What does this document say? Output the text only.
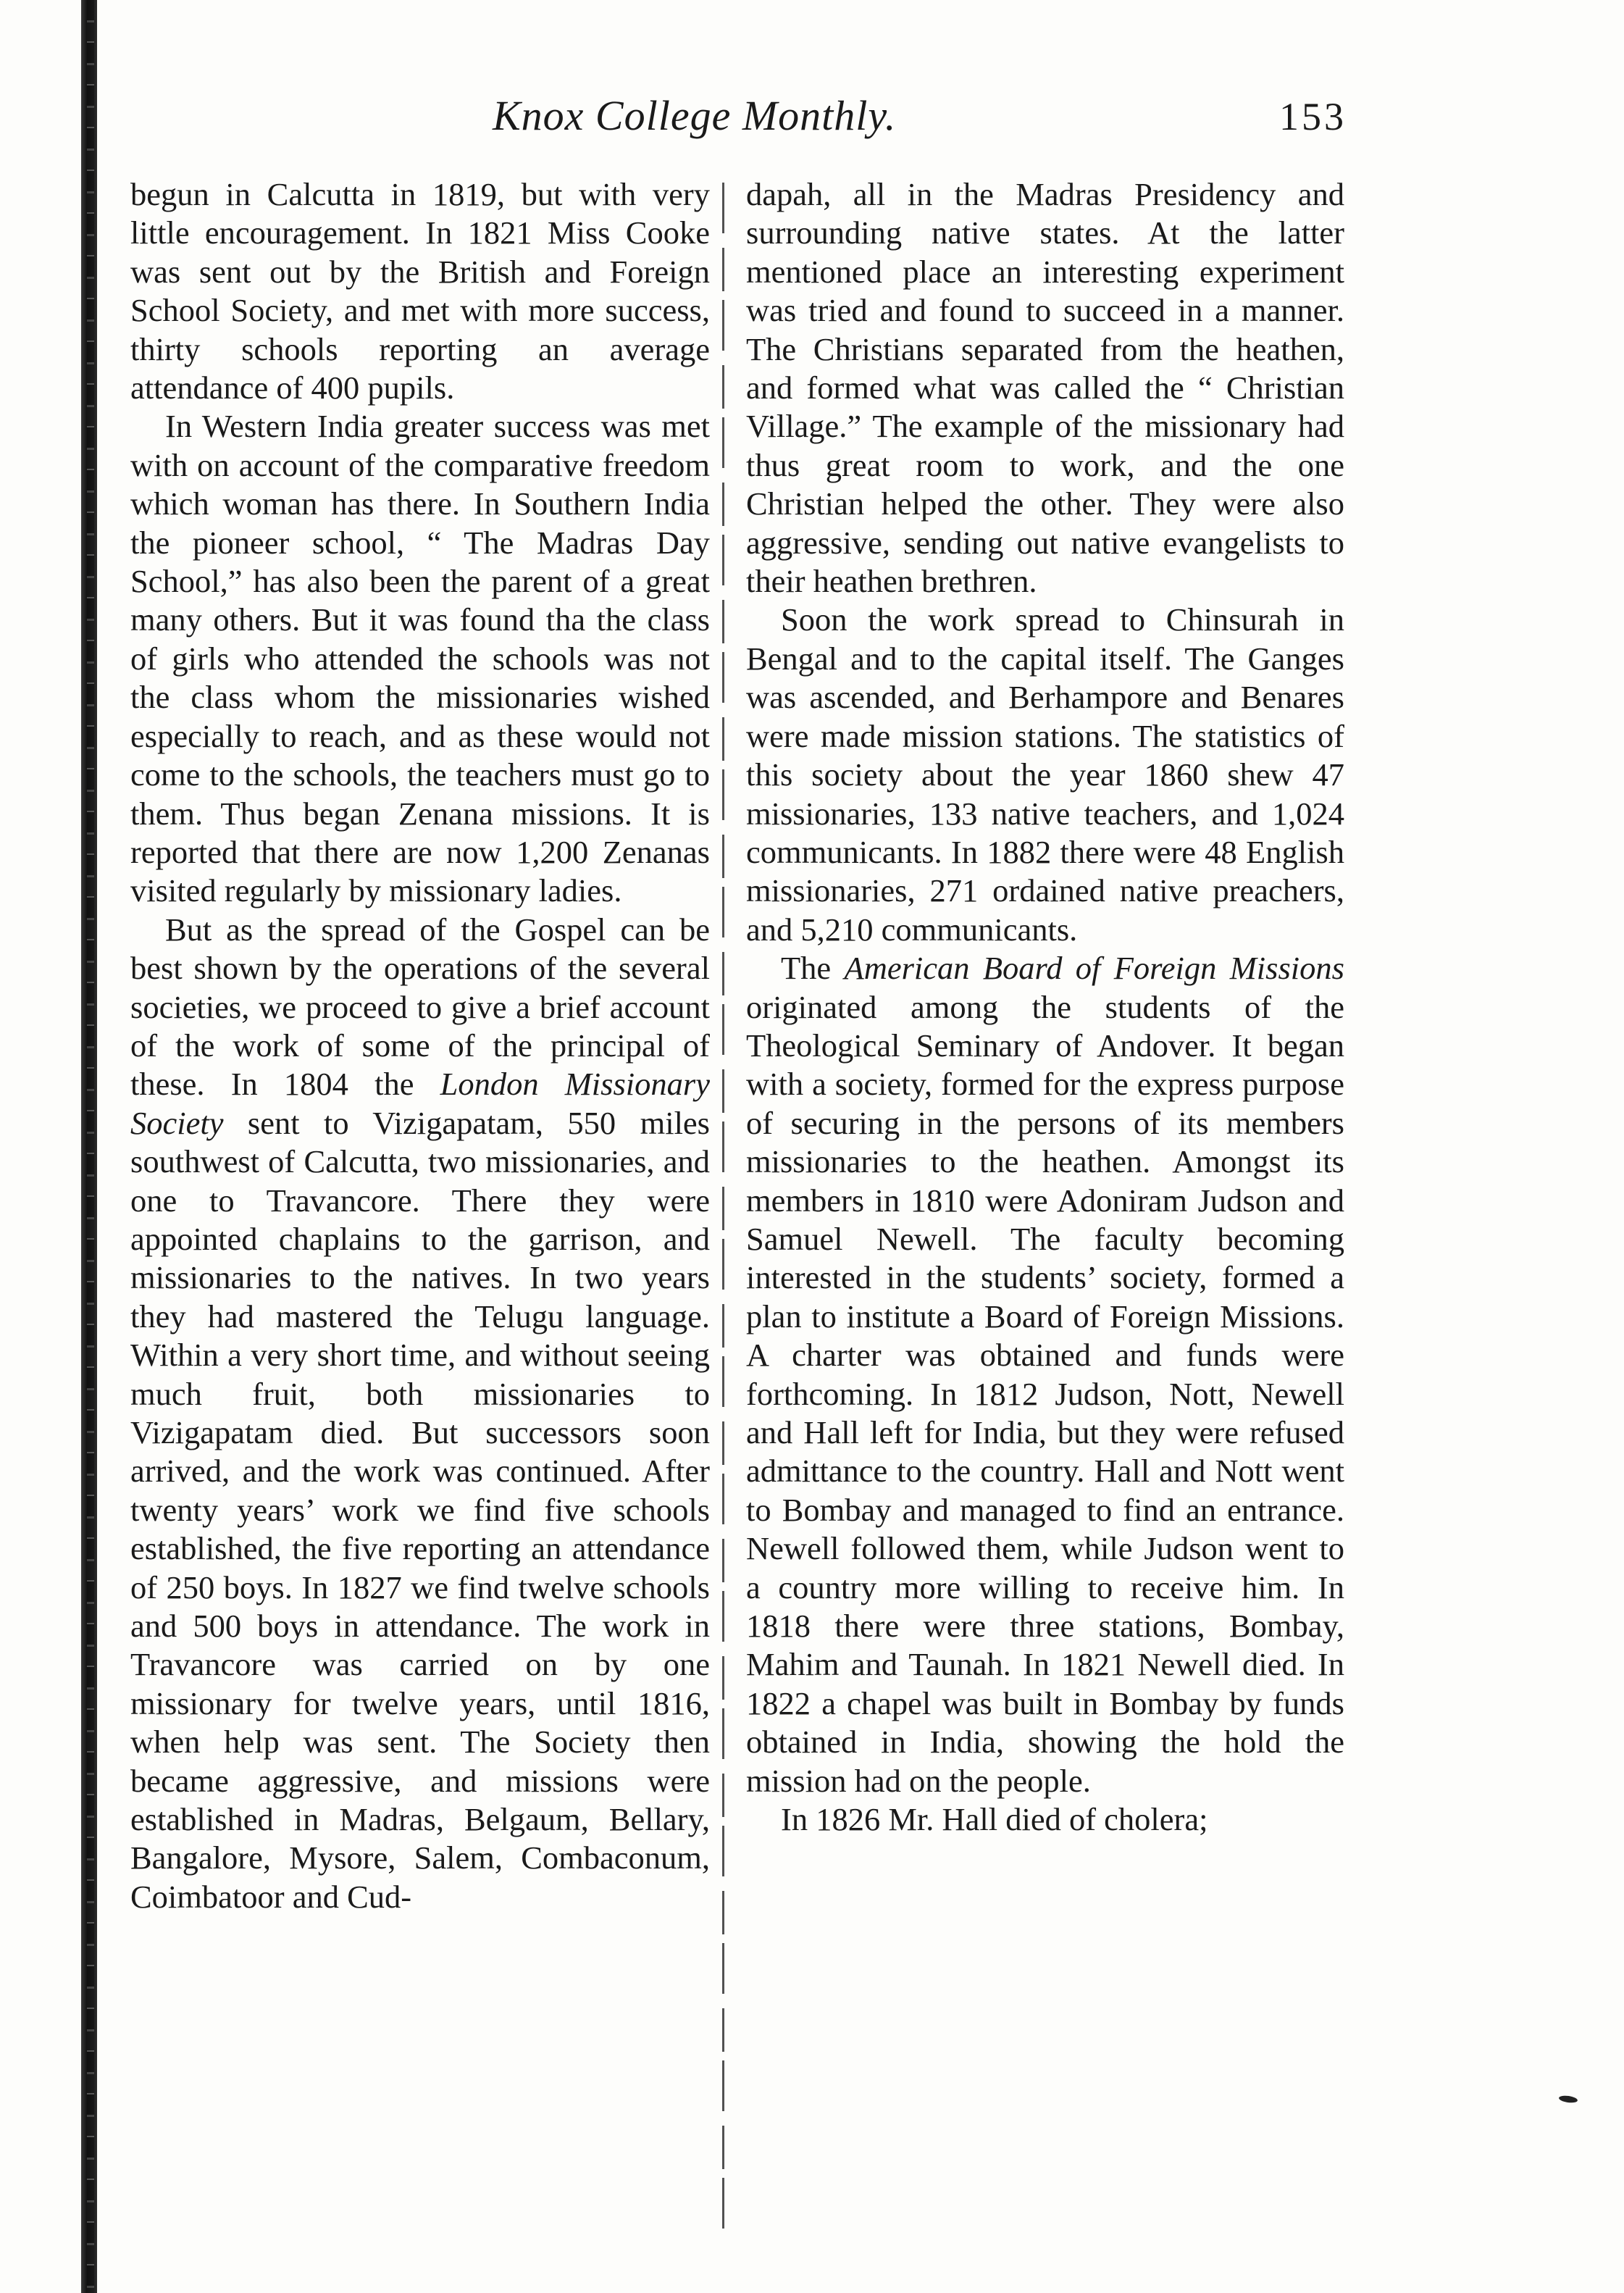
Knox College Monthly.	153

begun in Calcutta in 1819, but with very little encouragement. In 1821 Miss Cooke was sent out by the British and Foreign School Society, and met with more success, thirty schools reporting an average attendance of 400 pupils.

In Western India greater success was met with on account of the comparative freedom which woman has there. In Southern India the pioneer school, “ The Madras Day School,” has also been the parent of a great many others. But it was found tha the class of girls who attended the schools was not the class whom the missionaries wished especially to reach, and as these would not come to the schools, the teachers must go to them. Thus began Zenana missions. It is reported that there are now 1,200 Zenanas visited regularly by missionary ladies.

But as the spread of the Gospel can be best shown by the operations of the several societies, we proceed to give a brief account of the work of some of the principal of these. In 1804 the London Missionary Society sent to Vizigapatam, 550 miles southwest of Calcutta, two missionaries, and one to Travancore. There they were appointed chaplains to the garrison, and missionaries to the natives. In two years they had mastered the Telugu language. Within a very short time, and without seeing much fruit, both missionaries to Vizigapatam died. But successors soon arrived, and the work was continued. After twenty years’ work we find five schools established, the five reporting an attendance of 250 boys. In 1827 we find twelve schools and 500 boys in attendance. The work in Travancore was carried on by one missionary for twelve years, until 1816, when help was sent. The Society then became aggressive, and missions were established in Madras, Belgaum, Bellary, Bangalore, Mysore, Salem, Combaconum, Coimbatoor and Cud-

dapah, all in the Madras Presidency and surrounding native states. At the latter mentioned place an interesting experiment was tried and found to succeed in a manner. The Christians separated from the heathen, and formed what was called the “ Christian Village.” The example of the missionary had thus great room to work, and the one Christian helped the other. They were also aggressive, sending out native evangelists to their heathen brethren.

Soon the work spread to Chinsurah in Bengal and to the capital itself. The Ganges was ascended, and Berhampore and Benares were made mission stations. The statistics of this society about the year 1860 shew 47 missionaries, 133 native teachers, and 1,024 communicants. In 1882 there were 48 English missionaries, 271 ordained native preachers, and 5,210 communicants.

The American Board of Foreign Missions originated among the students of the Theological Seminary of Andover. It began with a society, formed for the express purpose of securing in the persons of its members missionaries to the heathen. Amongst its members in 1810 were Adoniram Judson and Samuel Newell. The faculty becoming interested in the students’ society, formed a plan to institute a Board of Foreign Missions. A charter was obtained and funds were forthcoming. In 1812 Judson, Nott, Newell and Hall left for India, but they were refused admittance to the country. Hall and Nott went to Bombay and managed to find an entrance. Newell followed them, while Judson went to a country more willing to receive him. In 1818 there were three stations, Bombay, Mahim and Taunah. In 1821 Newell died. In 1822 a chapel was built in Bombay by funds obtained in India, showing the hold the mission had on the people.

In 1826 Mr. Hall died of cholera;
